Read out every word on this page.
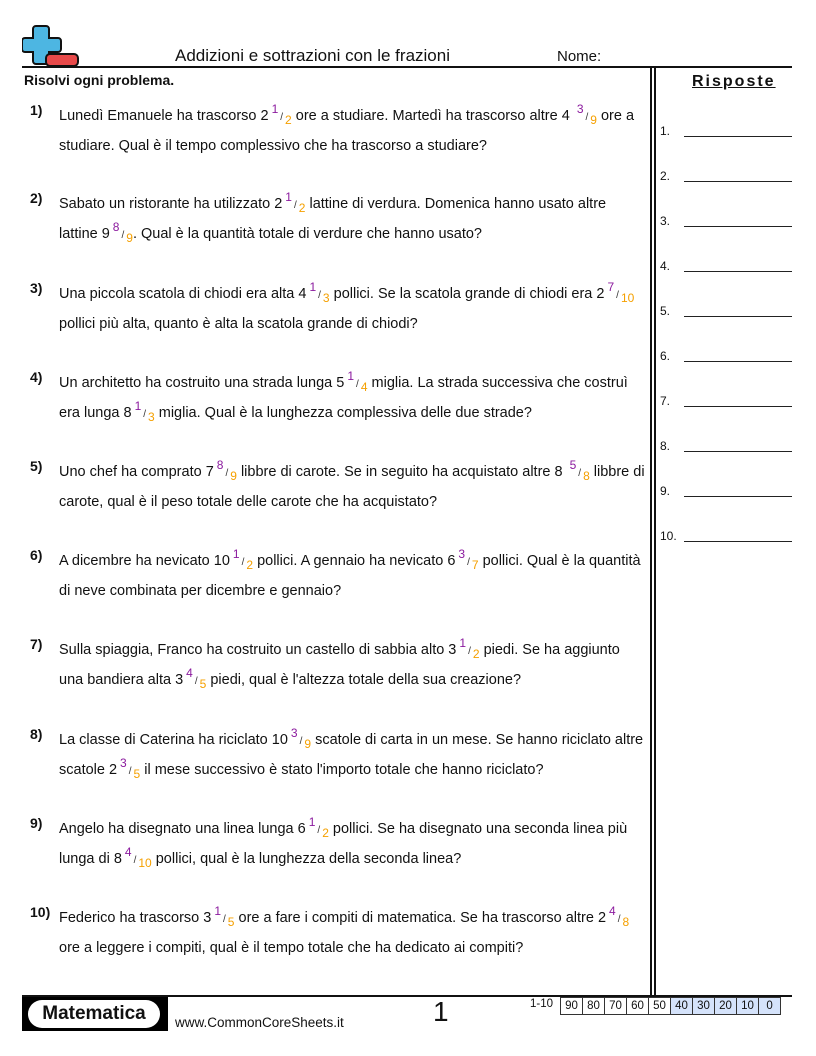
Addizioni e sottrazioni con le frazioni	Nome:
Risolvi ogni problema.
1) Lunedì Emanuele ha trascorso 2 $^1$/ $_2$ ore a studiare. Martedì ha trascorso altre 4 $^3$/ $_9$ ore a studiare. Qual è il tempo complessivo che ha trascorso a studiare?
2) Sabato un ristorante ha utilizzato 2 $^1$/ $_2$ lattine di verdura. Domenica hanno usato altre lattine 9 $^8$/ $_9$. Qual è la quantità totale di verdure che hanno usato?
3) Una piccola scatola di chiodi era alta 4 $^1$/ $_3$ pollici. Se la scatola grande di chiodi era 2 $^7$/ $_{10}$ pollici più alta, quanto è alta la scatola grande di chiodi?
4) Un architetto ha costruito una strada lunga 5 $^1$/ $_4$ miglia. La strada successiva che costruì era lunga 8 $^1$/ $_3$ miglia. Qual è la lunghezza complessiva delle due strade?
5) Uno chef ha comprato 7 $^8$/ $_9$ libbre di carote. Se in seguito ha acquistato altre 8 $^5$/ $_8$ libbre di carote, qual è il peso totale delle carote che ha acquistato?
6) A dicembre ha nevicato 10 $^1$/ $_2$ pollici. A gennaio ha nevicato 6 $^3$/ $_7$ pollici. Qual è la quantità di neve combinata per dicembre e gennaio?
7) Sulla spiaggia, Franco ha costruito un castello di sabbia alto 3 $^1$/ $_2$ piedi. Se ha aggiunto una bandiera alta 3 $^4$/ $_5$ piedi, qual è l'altezza totale della sua creazione?
8) La classe di Caterina ha riciclato 10 $^3$/ $_9$ scatole di carta in un mese. Se hanno riciclato altre scatole 2 $^3$/ $_5$ il mese successivo è stato l'importo totale che hanno riciclato?
9) Angelo ha disegnato una linea lunga 6 $^1$/ $_2$ pollici. Se ha disegnato una seconda linea più lunga di 8 $^4$/ $_{10}$ pollici, qual è la lunghezza della seconda linea?
10) Federico ha trascorso 3 $^1$/ $_5$ ore a fare i compiti di matematica. Se ha trascorso altre 2 $^4$/ $_8$ ore a leggere i compiti, qual è il tempo totale che ha dedicato ai compiti?
Risposte
1.
2.
3.
4.
5.
6.
7.
8.
9.
10.
Matematica	www.CommonCoreSheets.it	1	1-10	90 80 70 60 50 40 30 20 10	0
